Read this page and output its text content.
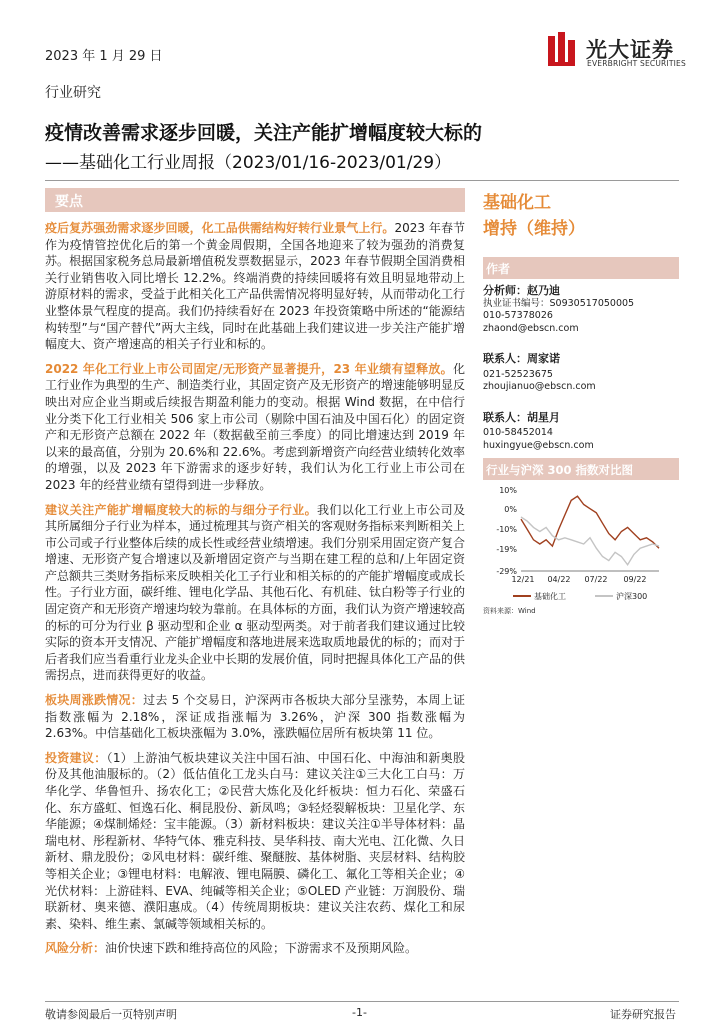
2023 年 1 月 29 日	光大证券
EVERBRIGHT SECURITIES
行业研究
疫情改善需求逐步回暖，关注产能扩增幅度较大标的
——基础化工行业周报（2023/01/16-2023/01/29）
要点

疫后复苏强劲需求逐步回暖，化工品供需结构好转行业景气上行。2023 年春节作为疫情管控优化后的第一个黄金周假期，全国各地迎来了较为强劲的消费复苏。根据国家税务总局最新增值税发票数据显示，2023 年春节假期全国消费相关行业销售收入同比增长 12.2%。终端消费的持续回暖将有效且明显地带动上游原材料的需求，受益于此相关化工产品供需情况将明显好转，从而带动化工行业整体景气程度的提高。我们仍持续看好在 2023 年投资策略中所述的“能源结构转型”与“国产替代”两大主线，同时在此基础上我们建议进一步关注产能扩增幅度大、资产增速高的相关子行业和标的。

2022 年化工行业上市公司固定/无形资产显著提升，23 年业绩有望释放。化工行业作为典型的生产、制造类行业，其固定资产及无形资产的增速能够明显反映出对应企业当期或后续报告期盈利能力的变动。根据 Wind 数据，在中信行业分类下化工行业相关 506 家上市公司（剔除中国石油及中国石化）的固定资产和无形资产总额在 2022 年（数据截至前三季度）的同比增速达到 2019 年以来的最高值，分别为 20.6%和 22.6%。考虑到新增资产向经营业绩转化效率的增强，以及 2023 年下游需求的逐步好转，我们认为化工行业上市公司在 2023 年的经营业绩有望得到进一步释放。

建议关注产能扩增幅度较大的标的与细分子行业。我们以化工行业上市公司及其所属细分子行业为样本，通过梳理其与资产相关的客观财务指标来判断相关上市公司或子行业整体后续的成长性或经营业绩增速。我们分别采用固定资产复合增速、无形资产复合增速以及新增固定资产与当期在建工程的总和/上年固定资产总额共三类财务指标来反映相关化工子行业和相关标的的产能扩增幅度或成长性。子行业方面，碳纤维、锂电化学品、其他石化、有机硅、钛白粉等子行业的固定资产和无形资产增速均较为靠前。在具体标的方面，我们认为资产增速较高的标的可分为行业 β 驱动型和企业 α 驱动型两类。对于前者我们建议通过比较实际的资本开支情况、产能扩增幅度和落地进展来选取质地最优的标的；而对于后者我们应当看重行业龙头企业中长期的发展价值，同时把握具体化工产品的供需拐点，进而获得更好的收益。

板块周涨跌情况：过去 5 个交易日，沪深两市各板块大部分呈涨势，本周上证指数涨幅为 2.18%，深证成指涨幅为 3.26%，沪深 300 指数涨幅为 2.63%。中信基础化工板块涨幅为 3.0%，涨跌幅位居所有板块第 11 位。

投资建议：（1）上游油气板块建议关注中国石油、中国石化、中海油和新奥股份及其他油服标的。（2）低估值化工龙头白马：建议关注①三大化工白马：万华化学、华鲁恒升、扬农化工；②民营大炼化及化纤板块：恒力石化、荣盛石化、东方盛虹、恒逸石化、桐昆股份、新凤鸣；③轻烃裂解板块：卫星化学、东华能源；④煤制烯烃：宝丰能源。（3）新材料板块：建议关注①半导体材料：晶瑞电材、彤程新材、华特气体、雅克科技、昊华科技、南大光电、江化微、久日新材、鼎龙股份；②风电材料：碳纤维、聚醚胺、基体树脂、夹层材料、结构胶等相关企业；③锂电材料：电解液、锂电隔膜、磷化工、氟化工等相关企业；④光伏材料：上游硅料、EVA、纯碱等相关企业；⑤OLED 产业链：万润股份、瑞联新材、奥来德、濮阳惠成。（4）传统周期板块：建议关注农药、煤化工和尿素、染料、维生素、氯碱等领域相关标的。

风险分析：油价快速下跌和维持高位的风险；下游需求不及预期风险。

基础化工
增持（维持）
作者
分析师：赵乃迪
执业证书编号：S0930517050005
010-57378026
zhaond@ebscn.com
联系人：周家诺
021-52523675
zhoujianuo@ebscn.com
联系人：胡星月
010-58452014
huxingyue@ebscn.com
行业与沪深 300 指数对比图
10%
0%
-10%
-19%
-29%
12/21 04/22 07/22 09/22
基础化工	沪深300
资料来源：Wind
敬请参阅最后一页特别声明	-1-	证券研究报告
